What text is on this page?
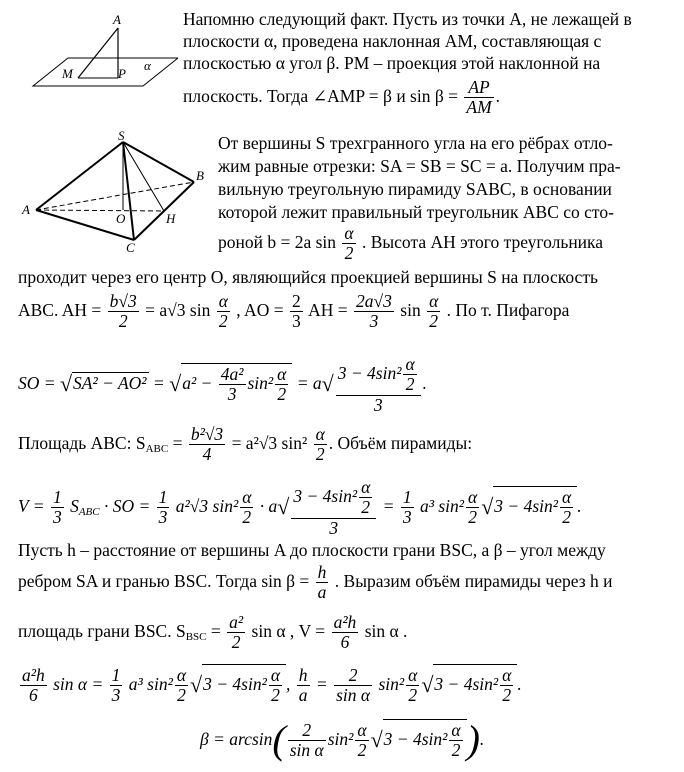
A
M	P
α
Напомню следующий факт. Пусть из точки A, не лежащей в
плоскости α, проведена наклонная AM, составляющая с
плоскостью α угол β. PM – проекция этой наклонной на
плоскость. Тогда ∠AMP = β и $\sin \beta = \frac{AP}{AM}$ .
S
A
B
C
O	H
От вершины S трехгранного угла на его рёбрах отло-
жим равные отрезки: SA = SB = SC = a. Получим пра-
вильную треугольную пирамиду SABC, в основании
которой лежит правильный треугольник ABC со сто-
роной b = 2a $\sin \frac{\alpha}{2}$ . Высота AH этого треугольника
проходит через его центр O, являющийся проекцией вершины S на плоскость
ABC. AH = $\frac{b√3}{2} = a√3$ $\sin \frac{\alpha}{2}$ , AO = $\frac{2}{3}$ AH = $\frac{2a√3}{3}$ $\sin \frac{\alpha}{2}$ . По т. Пифагора
SO = $√SA^2 - AO^2 = √a^2 - \frac{\text{4a²}}{3} \sin^2 \frac{\alpha}{2} = a√ \frac{3 - 4\sin^2 \frac{\alpha}{2}}{3}$ .
Площадь ABC: $S_{ABC} = \frac{\text{b²√3}}{4} = a^2√3$ $\sin^2 \frac{\alpha}{2}$ . Объём пирамиды:
$V = \frac{1}{3} S_{ABC}$ · SO = $\frac{1}{3} a^2√3$ $\sin^2 \frac{\alpha}{2} \cdot a√ \frac{3 - 4\sin^2 \frac{\alpha}{2}}{3} = \frac{1}{3} a^3$ $\sin^2 \frac{\alpha}{2} √3 - 4\sin^2 \frac{\alpha}{2}$ .
Пусть h – расстояние от вершины A до плоскости грани BSC, а β – угол между
ребром SA и гранью BSC. Тогда $\sin \beta = \frac{h}{a}$ . Выразим объём пирамиды через h и
площадь грани BSC. $S_{BSC} = \frac{\text{a²}}{2}$ sin α , $V = \frac{\text{a²h}}{6}$ sin α .
$\frac{\text{a²h}}{6}$ $\sin \alpha = \frac{1}{3} a^3$ $\sin^2 \frac{\alpha}{2} √3 - 4\sin^2 \frac{\alpha}{2}$ , $\frac{h}{a} = \frac{2}{\text{sin α}} \sin^2 \frac{\alpha}{2} √3 - 4\sin^2 \frac{\alpha}{2}$ .
$\beta = \arcsin( \frac{2}{\text{sin α}} \sin^2 \frac{\alpha}{2} √3 - 4\sin^2 \frac{\alpha}{2}$ ).
